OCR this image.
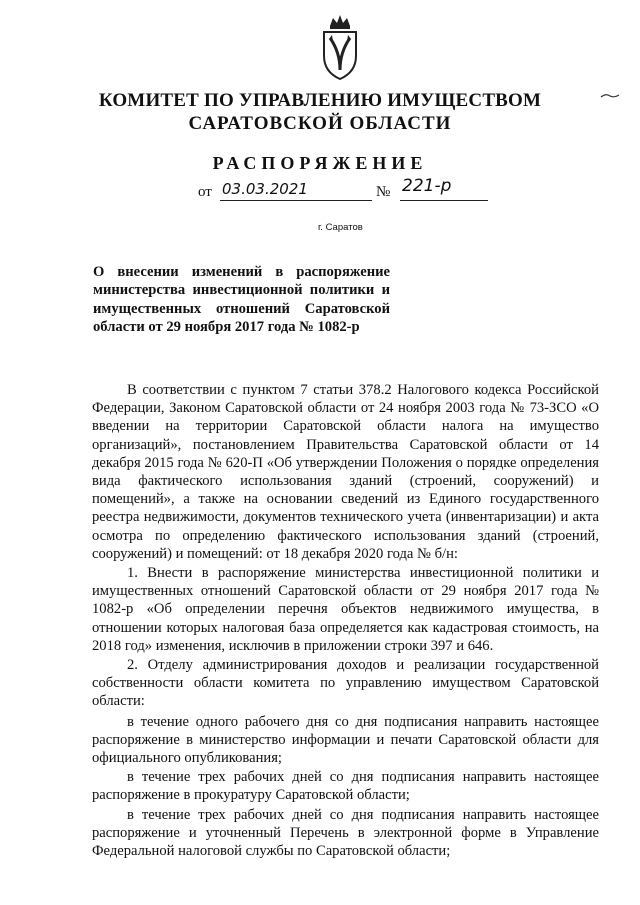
КОМИТЕТ ПО УПРАВЛЕНИЮ ИМУЩЕСТВОМ
САРАТОВСКОЙ ОБЛАСТИ
РАСПОРЯЖЕНИЕ
от 03.03.2021	№ 221-р
г. Саратов
О внесении изменений в распоряжение министерства инвестиционной политики и имущественных отношений Саратовской области от 29 ноября 2017 года № 1082-р

В соответствии с пунктом 7 статьи 378.2 Налогового кодекса Российской Федерации, Законом Саратовской области от 24 ноября 2003 года № 73-ЗСО «О введении на территории Саратовской области налога на имущество организаций», постановлением Правительства Саратовской области от 14 декабря 2015 года № 620-П «Об утверждении Положения о порядке определения вида фактического использования зданий (строений, сооружений) и помещений», а также на основании сведений из Единого государственного реестра недвижимости, документов технического учета (инвентаризации) и акта осмотра по определению фактического использования зданий (строений, сооружений) и помещений: от 18 декабря 2020 года № б/н:

1. Внести в распоряжение министерства инвестиционной политики и имущественных отношений Саратовской области от 29 ноября 2017 года № 1082-р «Об определении перечня объектов недвижимого имущества, в отношении которых налоговая база определяется как кадастровая стоимость, на 2018 год» изменения, исключив в приложении строки 397 и 646.

2. Отделу администрирования доходов и реализации государственной собственности области комитета по управлению имуществом Саратовской области:

в течение одного рабочего дня со дня подписания направить настоящее распоряжение в министерство информации и печати Саратовской области для официального опубликования;

в течение трех рабочих дней со дня подписания направить настоящее распоряжение в прокуратуру Саратовской области;

в течение трех рабочих дней со дня подписания направить настоящее распоряжение и уточненный Перечень в электронной форме в Управление Федеральной налоговой службы по Саратовской области;
